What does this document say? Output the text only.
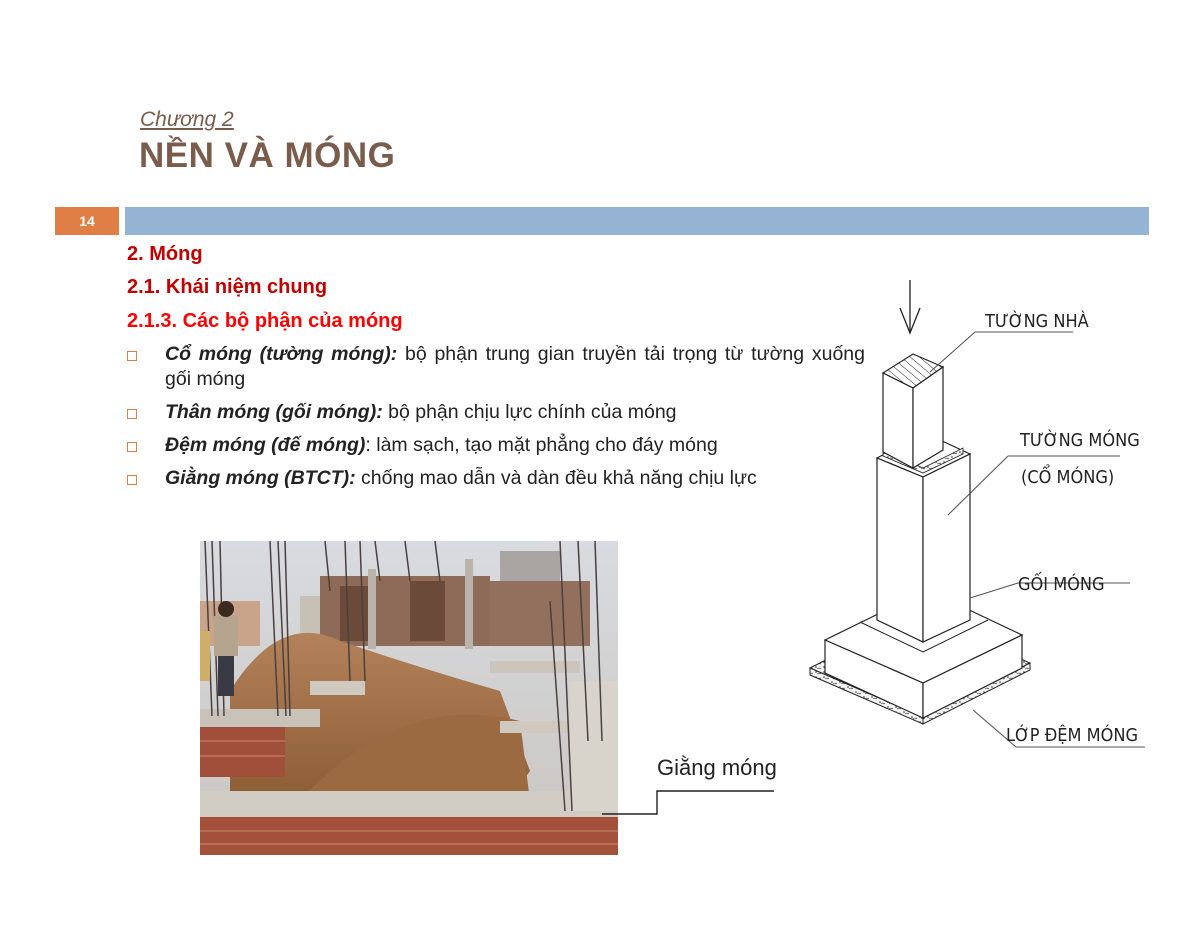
Chương 2
NỀN VÀ MÓNG
14
2. Móng
2.1. Khái niệm chung
2.1.3. Các bộ phận của móng
Cổ móng (tường móng): bộ phận trung gian truyền tải trọng từ tường xuống gối móng
Thân móng (gối móng): bộ phận chịu lực chính của móng
Đệm móng (đế móng): làm sạch, tạo mặt phẳng cho đáy móng
Giằng móng (BTCT): chống mao dẫn và dàn đều khả năng chịu lực
Giằng móng
TƯỜNG NHÀ
TƯỜNG MÓNG
(CỔ MÓNG)
GỐI MÓNG
LỚP ĐỆM MÓNG
